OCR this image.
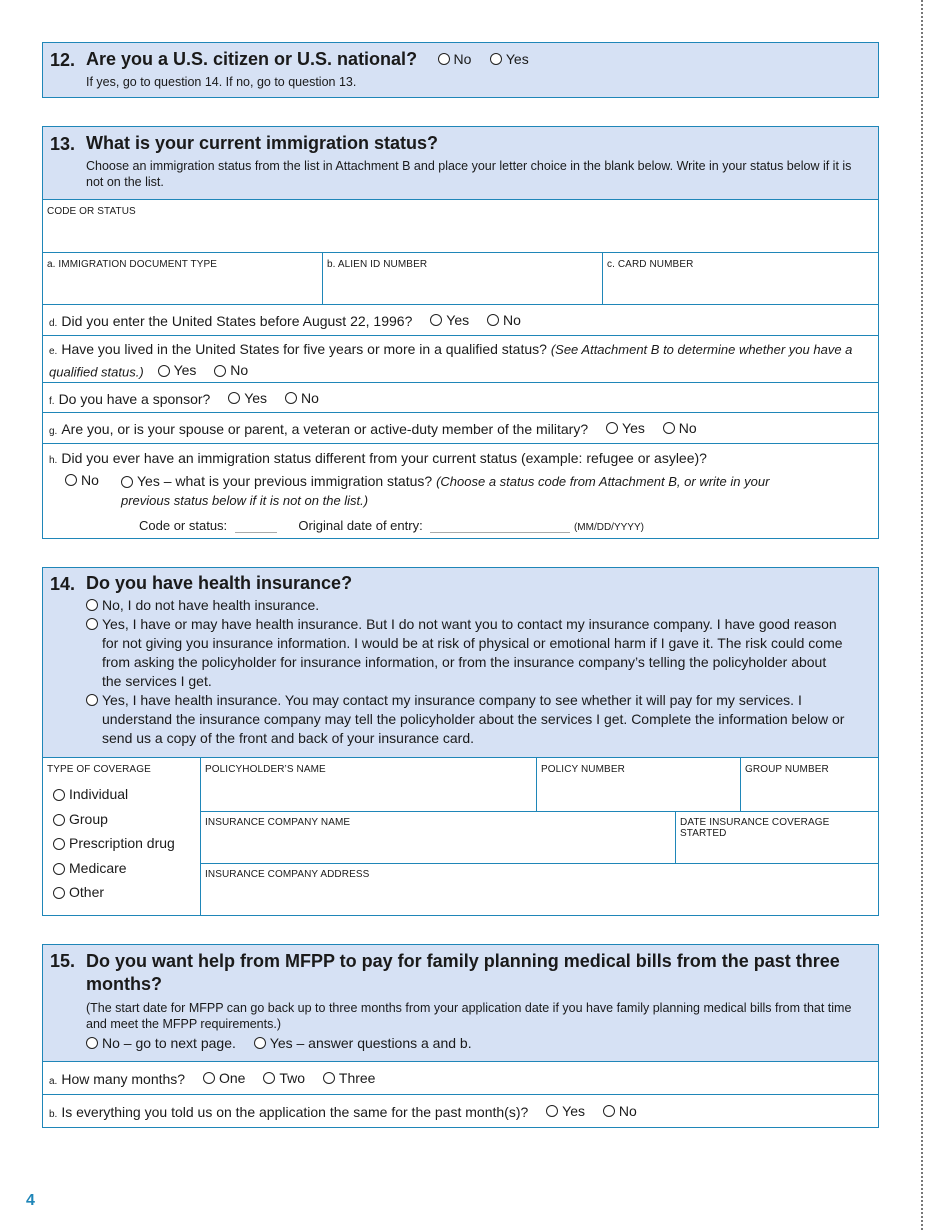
12. Are you a U.S. citizen or U.S. national?	No
Yes
If yes, go to question 14. If no, go to question 13.
13. What is your current immigration status?
Choose an immigration status from the list in Attachment B and place your letter choice in the blank below. Write in your status below if it is not on the list.
CODE OR STATUS
a. IMMIGRATION DOCUMENT TYPE	b. ALIEN ID NUMBER	c. CARD NUMBER
d. Did you enter the United States before August 22, 1996? Yes
No
e. Have you lived in the United States for five years or more in a qualified status? (See Attachment B to determine whether you have a qualified status.) Yes
No
f. Do you have a sponsor? Yes
No
g. Are you, or is your spouse or parent, a veteran or active-duty member of the military? Yes
No
h. Did you ever have an immigration status different from your current status (example: refugee or asylee)?
No	Yes – what is your previous immigration status? (Choose a status code from Attachment B, or write in your previous status below if it is not on the list.)
Code or status:	Original date of entry:	(MM/DD/YYYY)
14. Do you have health insurance?
No, I do not have health insurance.
Yes, I have or may have health insurance. But I do not want you to contact my insurance company. I have good reason for not giving you insurance information. I would be at risk of physical or emotional harm if I gave it. The risk could come from asking the policyholder for insurance information, or from the insurance company’s telling the policyholder about the services I get.
Yes, I have health insurance. You may contact my insurance company to see whether it will pay for my services. I understand the insurance company may tell the policyholder about the services I get. Complete the information below or send us a copy of the front and back of your insurance card.
TYPE OF COVERAGE
Individual
Group
Prescription drug
Medicare
Other
POLICYHOLDER’S NAME	POLICY NUMBER	GROUP NUMBER
INSURANCE COMPANY NAME	DATE INSURANCE COVERAGE STARTED
INSURANCE COMPANY ADDRESS
15. Do you want help from MFPP to pay for family planning medical bills from the past three months?
(The start date for MFPP can go back up to three months from your application date if you have family planning medical bills from that time and meet the MFPP requirements.)
No – go to next page.
Yes – answer questions a and b.
a. How many months? One
Two
Three
b. Is everything you told us on the application the same for the past month(s)? Yes
No
4
